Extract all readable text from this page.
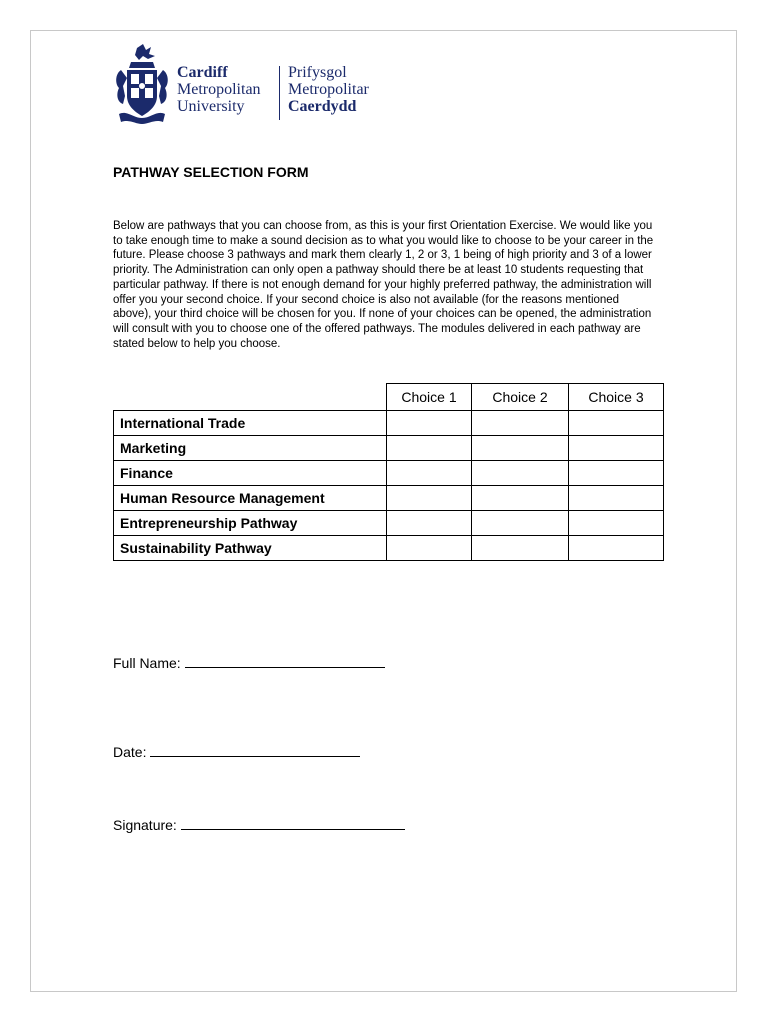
Cardiff
Metropolitan
University
Prifysgol
Metropolitar
Caerdydd
PATHWAY SELECTION FORM
Below are pathways that you can choose from, as this is your first Orientation Exercise. We would like you to take enough time to make a sound decision as to what you would like to choose to be your career in the future. Please choose 3 pathways and mark them clearly 1, 2 or 3, 1 being of high priority and 3 of a lower priority. The Administration can only open a pathway should there be at least 10 students requesting that particular pathway. If there is not enough demand for your highly preferred pathway, the administration will offer you your second choice. If your second choice is also not available (for the reasons mentioned above), your third choice will be chosen for you. If none of your choices can be opened, the administration will consult with you to choose one of the offered pathways. The modules delivered in each pathway are stated below to help you choose.
	Choice 1	Choice 2	Choice 3
International Trade			
Marketing			
Finance			
Human Resource Management			
Entrepreneurship Pathway			
Sustainability Pathway			
Full Name:
Date:
Signature:
